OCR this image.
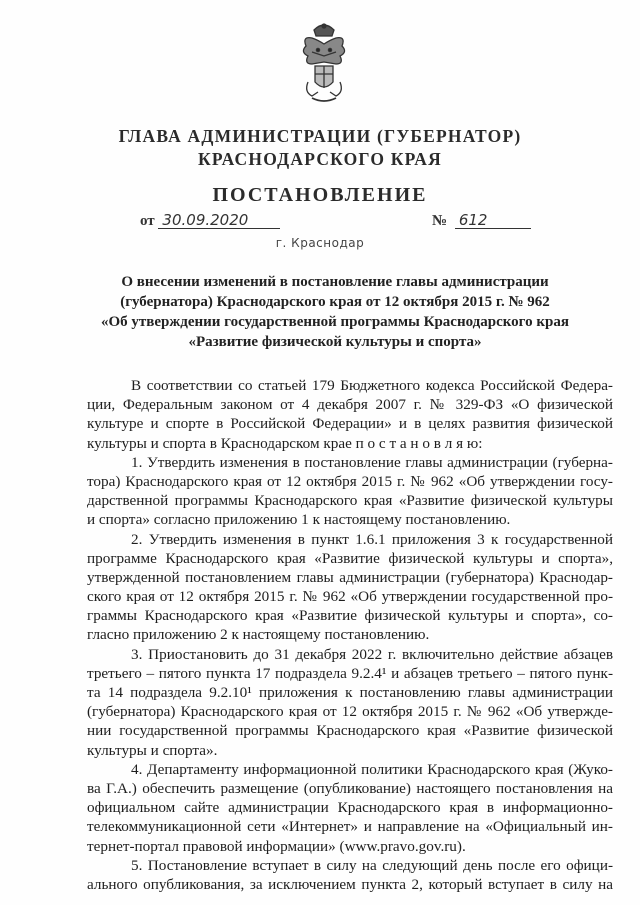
ГЛАВА АДМИНИСТРАЦИИ (ГУБЕРНАТОР)
КРАСНОДАРСКОГО КРАЯ
ПОСТАНОВЛЕНИЕ
от 30.09.2020	№ 612
г. Краснодар
О внесении изменений в постановление главы администрации
(губернатора) Краснодарского края от 12 октября 2015 г. № 962
«Об утверждении государственной программы Краснодарского края
«Развитие физической культуры и спорта»
В соответствии со статьей 179 Бюджетного кодекса Российской Федера-
ции, Федеральным законом от 4 декабря 2007 г. № 329-ФЗ «О физической
культуре и спорте в Российской Федерации» и в целях развития физической
культуры и спорта в Краснодарском крае п о с т а н о в л я ю:
1. Утвердить изменения в постановление главы администрации (губерна-
тора) Краснодарского края от 12 октября 2015 г. № 962 «Об утверждении госу-
дарственной программы Краснодарского края «Развитие физической культуры
и спорта» согласно приложению 1 к настоящему постановлению.
2. Утвердить изменения в пункт 1.6.1 приложения 3 к государственной
программе Краснодарского края «Развитие физической культуры и спорта»,
утвержденной постановлением главы администрации (губернатора) Краснодар-
ского края от 12 октября 2015 г. № 962 «Об утверждении государственной про-
граммы Краснодарского края «Развитие физической культуры и спорта», со-
гласно приложению 2 к настоящему постановлению.
3. Приостановить до 31 декабря 2022 г. включительно действие абзацев
третьего – пятого пункта 17 подраздела 9.2.4¹ и абзацев третьего – пятого пунк-
та 14 подраздела 9.2.10¹ приложения к постановлению главы администрации
(губернатора) Краснодарского края от 12 октября 2015 г. № 962 «Об утвержде-
нии государственной программы Краснодарского края «Развитие физической
культуры и спорта».
4. Департаменту информационной политики Краснодарского края (Жуко-
ва Г.А.) обеспечить размещение (опубликование) настоящего постановления на
официальном сайте администрации Краснодарского края в информационно-
телекоммуникационной сети «Интернет» и направление на «Официальный ин-
тернет-портал правовой информации» (www.pravo.gov.ru).
5. Постановление вступает в силу на следующий день после его офици-
ального опубликования, за исключением пункта 2, который вступает в силу на
